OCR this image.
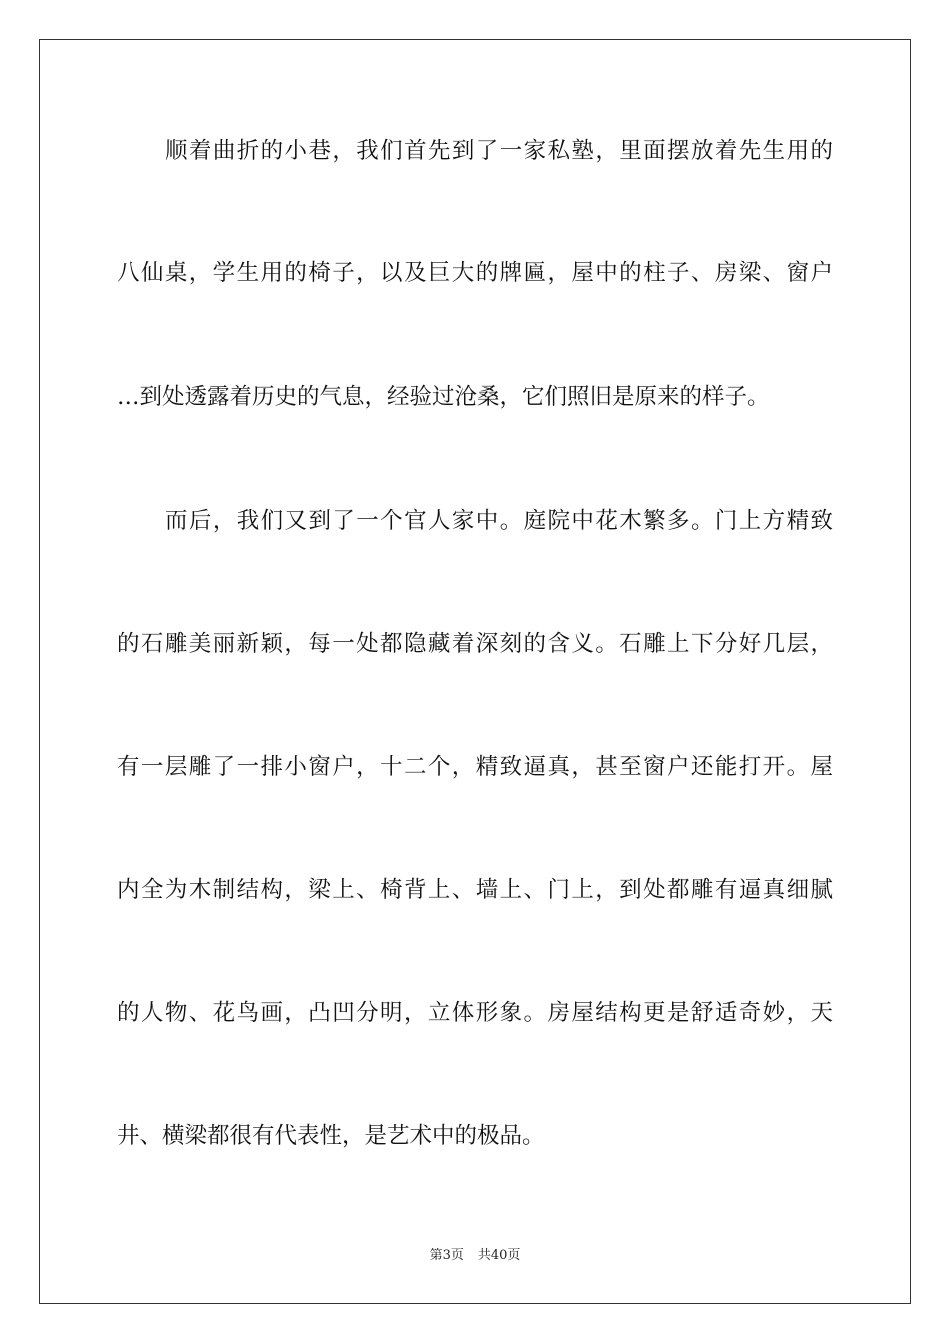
顺着曲折的小巷，我们首先到了一家私塾，里面摆放着先生用的
八仙桌，学生用的椅子，以及巨大的牌匾，屋中的柱子、房梁、窗户
…到处透露着历史的气息，经验过沧桑，它们照旧是原来的样子。
而后，我们又到了一个官人家中。庭院中花木繁多。门上方精致
的石雕美丽新颖，每一处都隐藏着深刻的含义。石雕上下分好几层，
有一层雕了一排小窗户，十二个，精致逼真，甚至窗户还能打开。屋
内全为木制结构，梁上、椅背上、墙上、门上，到处都雕有逼真细腻
的人物、花鸟画，凸凹分明，立体形象。房屋结构更是舒适奇妙，天
井、横梁都很有代表性，是艺术中的极品。
第3页 共40页
